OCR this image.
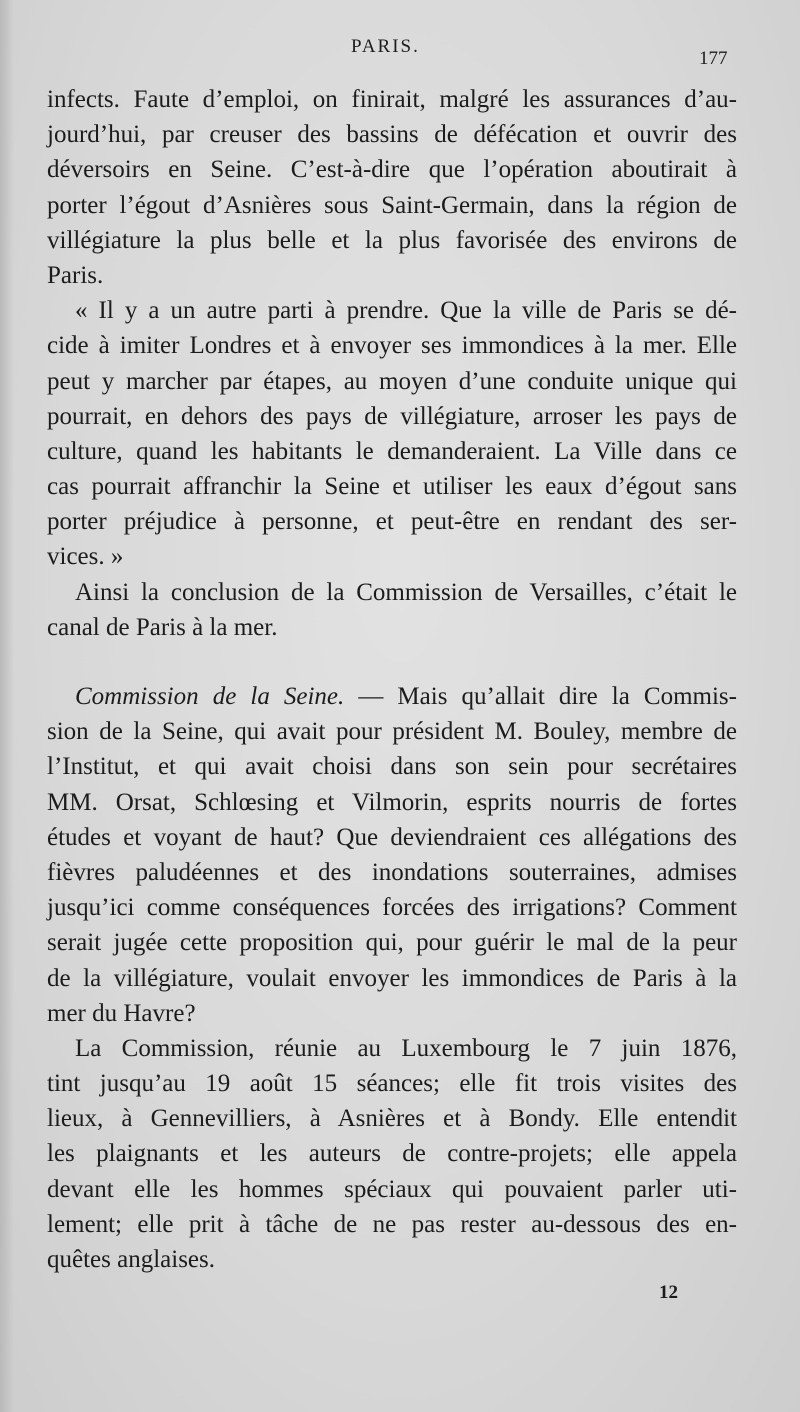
PARIS.
177
infects. Faute d’emploi, on finirait, malgré les assurances d’au-
jourd’hui, par creuser des bassins de défécation et ouvrir des
déversoirs en Seine. C’est-à-dire que l’opération aboutirait à
porter l’égout d’Asnières sous Saint-Germain, dans la région de
villégiature la plus belle et la plus favorisée des environs de
Paris.
« Il y a un autre parti à prendre. Que la ville de Paris se dé-
cide à imiter Londres et à envoyer ses immondices à la mer. Elle
peut y marcher par étapes, au moyen d’une conduite unique qui
pourrait, en dehors des pays de villégiature, arroser les pays de
culture, quand les habitants le demanderaient. La Ville dans ce
cas pourrait affranchir la Seine et utiliser les eaux d’égout sans
porter préjudice à personne, et peut-être en rendant des ser-
vices. »
Ainsi la conclusion de la Commission de Versailles, c’était le
canal de Paris à la mer.
Commission de la Seine. — Mais qu’allait dire la Commis-
sion de la Seine, qui avait pour président M. Bouley, membre de
l’Institut, et qui avait choisi dans son sein pour secrétaires
MM. Orsat, Schlœsing et Vilmorin, esprits nourris de fortes
études et voyant de haut? Que deviendraient ces allégations des
fièvres paludéennes et des inondations souterraines, admises
jusqu’ici comme conséquences forcées des irrigations? Comment
serait jugée cette proposition qui, pour guérir le mal de la peur
de la villégiature, voulait envoyer les immondices de Paris à la
mer du Havre?
La Commission, réunie au Luxembourg le 7 juin 1876,
tint jusqu’au 19 août 15 séances; elle fit trois visites des
lieux, à Gennevilliers, à Asnières et à Bondy. Elle entendit
les plaignants et les auteurs de contre-projets; elle appela
devant elle les hommes spéciaux qui pouvaient parler uti-
lement; elle prit à tâche de ne pas rester au-dessous des en-
quêtes anglaises.
12
